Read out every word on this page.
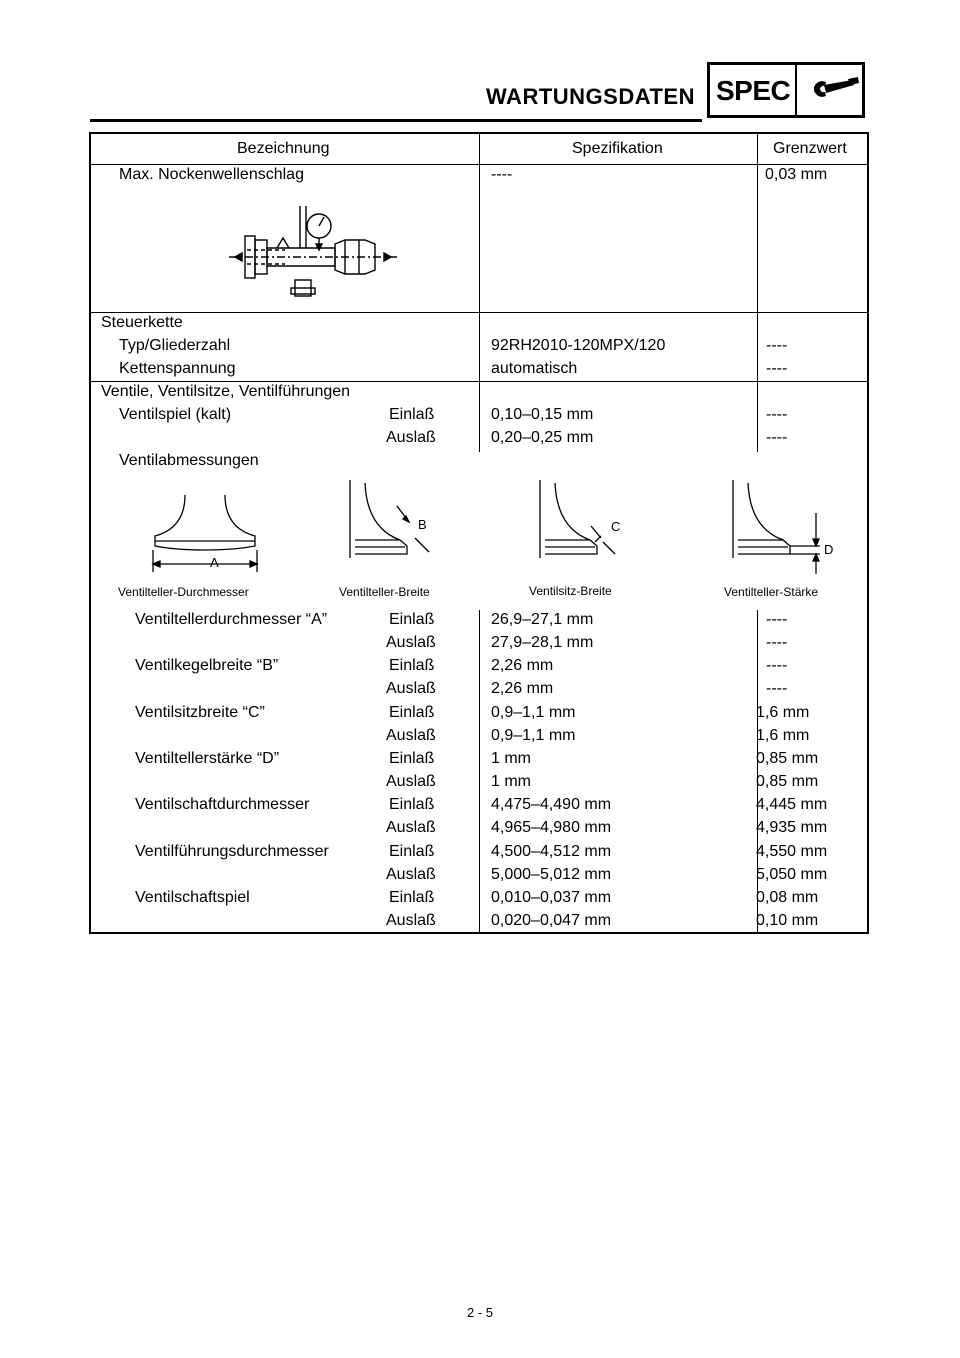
WARTUNGSDATEN SPEC
Bezeichnung	Spezifikation	Grenzwert
Max. Nockenwellenschlag	----	0,03 mm
Steuerkette
Typ/Gliederzahl	92RH2010-120MPX/120	----
Kettenspannung	automatisch	----
Ventile, Ventilsitze, Ventilführungen
Ventilspiel (kalt)	Einlaß	0,10–0,15 mm	----
Auslaß	0,20–0,25 mm	----
Ventilabmessungen
A
B	C
D
Ventilteller-Durchmesser	Ventilteller-Breite	Ventilsitz-Breite	Ventilteller-Stärke
Ventiltellerdurchmesser “A”	Einlaß	26,9–27,1 mm	----
Auslaß	27,9–28,1 mm	----
Ventilkegelbreite “B”	Einlaß	2,26 mm	----
Auslaß	2,26 mm	----
Ventilsitzbreite “C”	Einlaß	0,9–1,1 mm	1,6 mm
Auslaß	0,9–1,1 mm	1,6 mm
Ventiltellerstärke “D”	Einlaß	1 mm	0,85 mm
Auslaß	1 mm	0,85 mm
Ventilschaftdurchmesser	Einlaß	4,475–4,490 mm	4,445 mm
Auslaß	4,965–4,980 mm	4,935 mm
Ventilführungsdurchmesser	Einlaß	4,500–4,512 mm	4,550 mm
Auslaß	5,000–5,012 mm	5,050 mm
Ventilschaftspiel	Einlaß	0,010–0,037 mm	0,08 mm
Auslaß	0,020–0,047 mm	0,10 mm
2 - 5
